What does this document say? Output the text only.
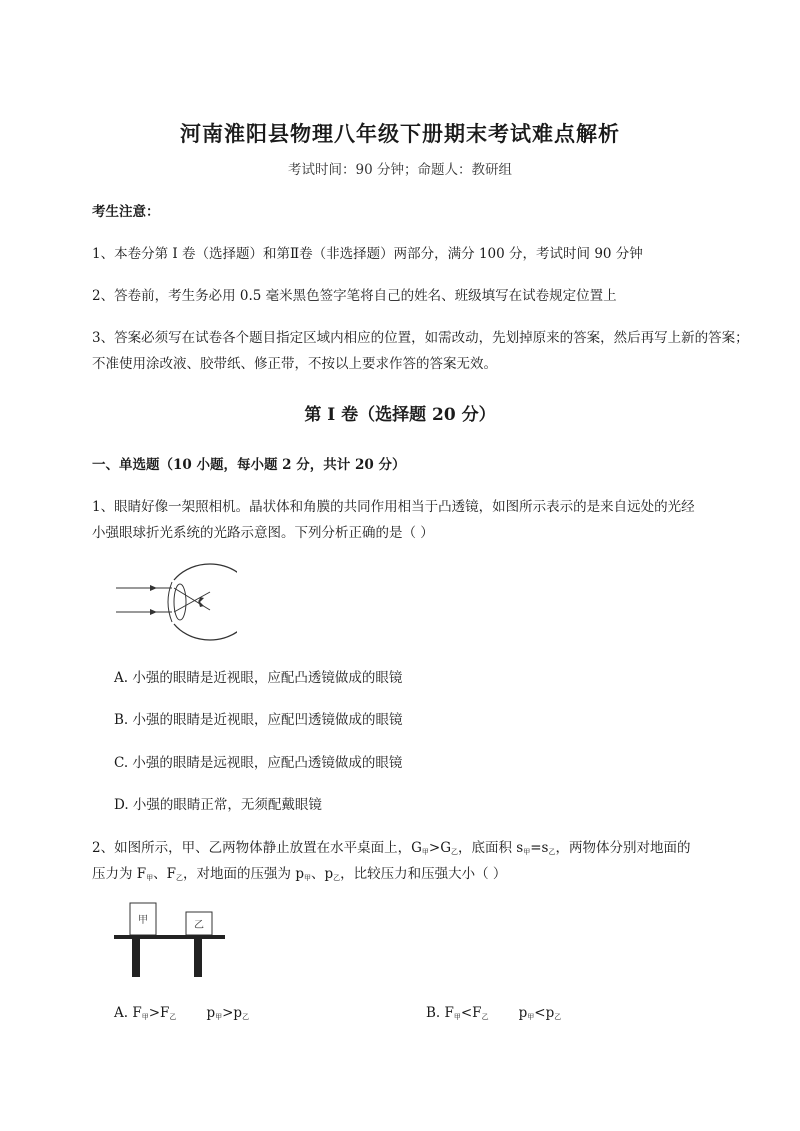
河南淮阳县物理八年级下册期末考试难点解析
考试时间：90 分钟；命题人：教研组
考生注意：
1、本卷分第 I 卷（选择题）和第Ⅱ卷（非选择题）两部分，满分 100 分，考试时间 90 分钟
2、答卷前，考生务必用 0.5 毫米黑色签字笔将自己的姓名、班级填写在试卷规定位置上
3、答案必须写在试卷各个题目指定区域内相应的位置，如需改动，先划掉原来的答案，然后再写上新的答案；不准使用涂改液、胶带纸、修正带，不按以上要求作答的答案无效。
第 I 卷（选择题 20 分）
一、单选题（10 小题，每小题 2 分，共计 20 分）
1、眼睛好像一架照相机。晶状体和角膜的共同作用相当于凸透镜，如图所示表示的是来自远处的光经
小强眼球折光系统的光路示意图。下列分析正确的是（ ）
A. 小强的眼睛是近视眼，应配凸透镜做成的眼镜
B. 小强的眼睛是近视眼，应配凹透镜做成的眼镜
C. 小强的眼睛是远视眼，应配凸透镜做成的眼镜
D. 小强的眼睛正常，无须配戴眼镜
2、如图所示，甲、乙两物体静止放置在水平桌面上，$G_甲>G_乙$，底面积 $s_甲=s_乙$，两物体分别对地面的
压力为 $F_甲$、$F_乙$，对地面的压强为 $p_甲$、$p_乙$，比较压力和压强大小（ ）
甲	乙
A. $F_甲>F_乙$ $p_甲>p_乙$	B. $F_甲<F_乙$ $p_甲<p_乙$
